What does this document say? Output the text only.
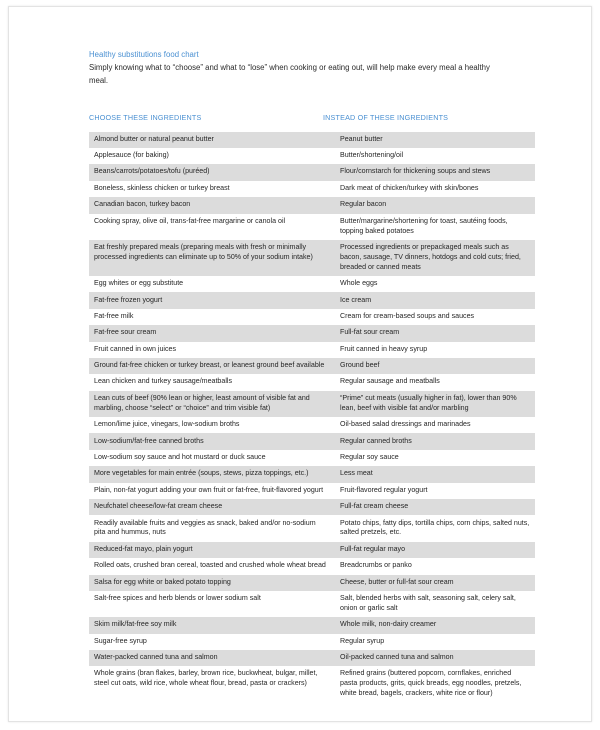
Healthy substitutions food chart

Simply knowing what to “choose” and what to “lose” when cooking or eating out, will help make every meal a healthy meal.

CHOOSE THESE INGREDIENTS	INSTEAD OF THESE INGREDIENTS
Almond butter or natural peanut butter	Peanut butter
Applesauce (for baking)	Butter/shortening/oil
Beans/carrots/potatoes/tofu (puréed)	Flour/cornstarch for thickening soups and stews
Boneless, skinless chicken or turkey breast	Dark meat of chicken/turkey with skin/bones
Canadian bacon, turkey bacon	Regular bacon
Cooking spray, olive oil, trans-fat-free margarine or canola oil	Butter/margarine/shortening for toast, sautéing foods, topping baked potatoes
Eat freshly prepared meals (preparing meals with fresh or minimally processed ingredients can eliminate up to 50% of your sodium intake)	Processed ingredients or prepackaged meals such as bacon, sausage, TV dinners, hotdogs and cold cuts; fried, breaded or canned meats
Egg whites or egg substitute	Whole eggs
Fat-free frozen yogurt	Ice cream
Fat-free milk	Cream for cream-based soups and sauces
Fat-free sour cream	Full-fat sour cream
Fruit canned in own juices	Fruit canned in heavy syrup
Ground fat-free chicken or turkey breast, or leanest ground beef available	Ground beef
Lean chicken and turkey sausage/meatballs	Regular sausage and meatballs
Lean cuts of beef (90% lean or higher, least amount of visible fat and marbling, choose “select” or “choice” and trim visible fat)	“Prime” cut meats (usually higher in fat), lower than 90% lean, beef with visible fat and/or marbling
Lemon/lime juice, vinegars, low-sodium broths	Oil-based salad dressings and marinades
Low-sodium/fat-free canned broths	Regular canned broths
Low-sodium soy sauce and hot mustard or duck sauce	Regular soy sauce
More vegetables for main entrée (soups, stews, pizza toppings, etc.)	Less meat
Plain, non-fat yogurt adding your own fruit or fat-free, fruit-flavored yogurt	Fruit-flavored regular yogurt
Neufchatel cheese/low-fat cream cheese	Full-fat cream cheese
Readily available fruits and veggies as snack, baked and/or no-sodium pita and hummus, nuts	Potato chips, fatty dips, tortilla chips, corn chips, salted nuts, salted pretzels, etc.
Reduced-fat mayo, plain yogurt	Full-fat regular mayo
Rolled oats, crushed bran cereal, toasted and crushed whole wheat bread	Breadcrumbs or panko
Salsa for egg white or baked potato topping	Cheese, butter or full-fat sour cream
Salt-free spices and herb blends or lower sodium salt	Salt, blended herbs with salt, seasoning salt, celery salt, onion or garlic salt
Skim milk/fat-free soy milk	Whole milk, non-dairy creamer
Sugar-free syrup	Regular syrup
Water-packed canned tuna and salmon	Oil-packed canned tuna and salmon
Whole grains (bran flakes, barley, brown rice, buckwheat, bulgar, millet, steel cut oats, wild rice, whole wheat flour, bread, pasta or crackers)	Refined grains (buttered popcorn, cornflakes, enriched pasta products, grits, quick breads, egg noodles, pretzels, white bread, bagels, crackers, white rice or flour)
